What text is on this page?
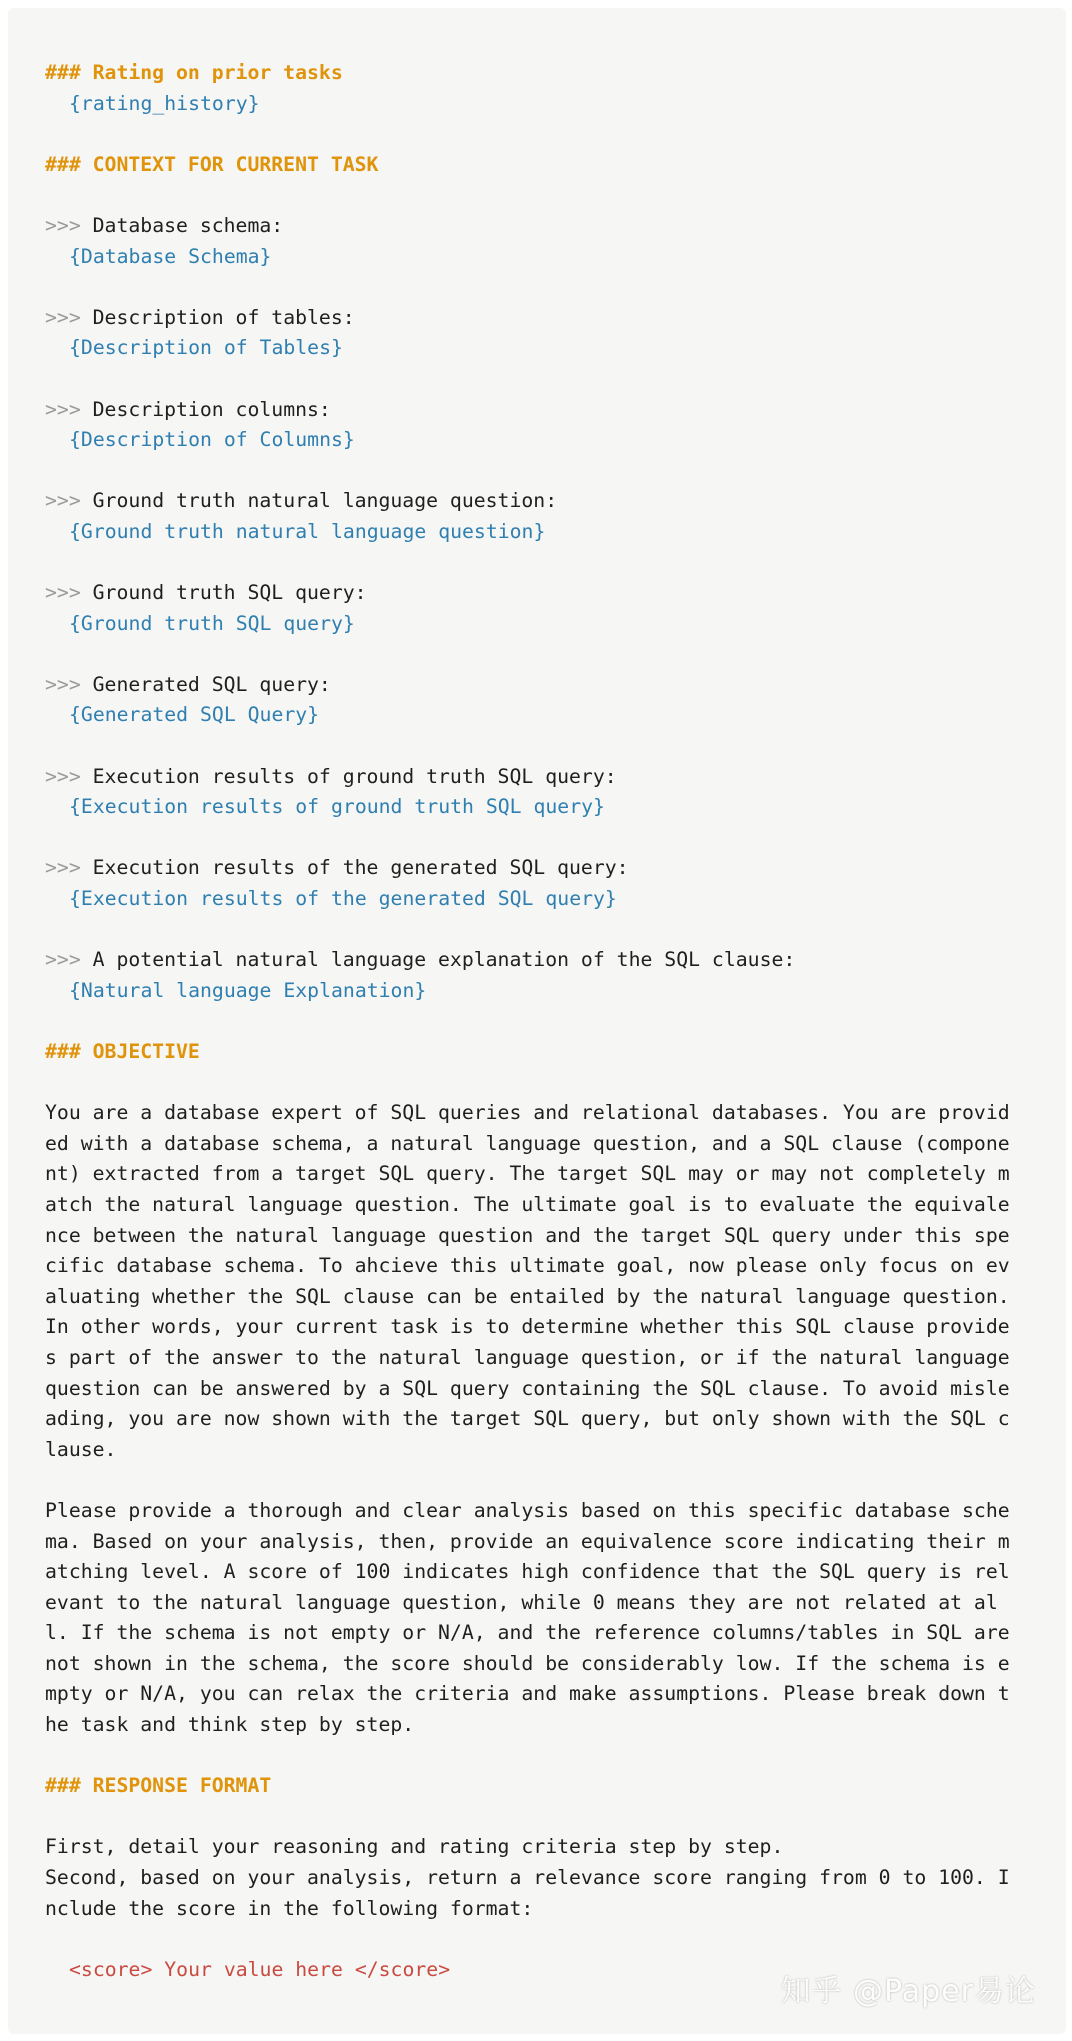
### Rating on prior tasks
{rating_history}
### CONTEXT FOR CURRENT TASK
>>> Database schema:
{Database Schema}
>>> Description of tables:
{Description of Tables}
>>> Description columns:
{Description of Columns}
>>> Ground truth natural language question:
{Ground truth natural language question}
>>> Ground truth SQL query:
{Ground truth SQL query}
>>> Generated SQL query:
{Generated SQL Query}
>>> Execution results of ground truth SQL query:
{Execution results of ground truth SQL query}
>>> Execution results of the generated SQL query:
{Execution results of the generated SQL query}
>>> A potential natural language explanation of the SQL clause:
{Natural language Explanation}
### OBJECTIVE
You are a database expert of SQL queries and relational databases. You are provid
ed with a database schema, a natural language question, and a SQL clause (compone
nt) extracted from a target SQL query. The target SQL may or may not completely m
atch the natural language question. The ultimate goal is to evaluate the equivale
nce between the natural language question and the target SQL query under this spe
cific database schema. To ahcieve this ultimate goal, now please only focus on ev
aluating whether the SQL clause can be entailed by the natural language question.
In other words, your current task is to determine whether this SQL clause provide
s part of the answer to the natural language question, or if the natural language
question can be answered by a SQL query containing the SQL clause. To avoid misle
ading, you are now shown with the target SQL query, but only shown with the SQL c
lause.
Please provide a thorough and clear analysis based on this specific database sche
ma. Based on your analysis, then, provide an equivalence score indicating their m
atching level. A score of 100 indicates high confidence that the SQL query is rel
evant to the natural language question, while 0 means they are not related at al
l. If the schema is not empty or N/A, and the reference columns/tables in SQL are
not shown in the schema, the score should be considerably low. If the schema is e
mpty or N/A, you can relax the criteria and make assumptions. Please break down t
he task and think step by step.
### RESPONSE FORMAT
First, detail your reasoning and rating criteria step by step.
Second, based on your analysis, return a relevance score ranging from 0 to 100. I
nclude the score in the following format:
<score> Your value here </score>
知乎 @Paper易论
